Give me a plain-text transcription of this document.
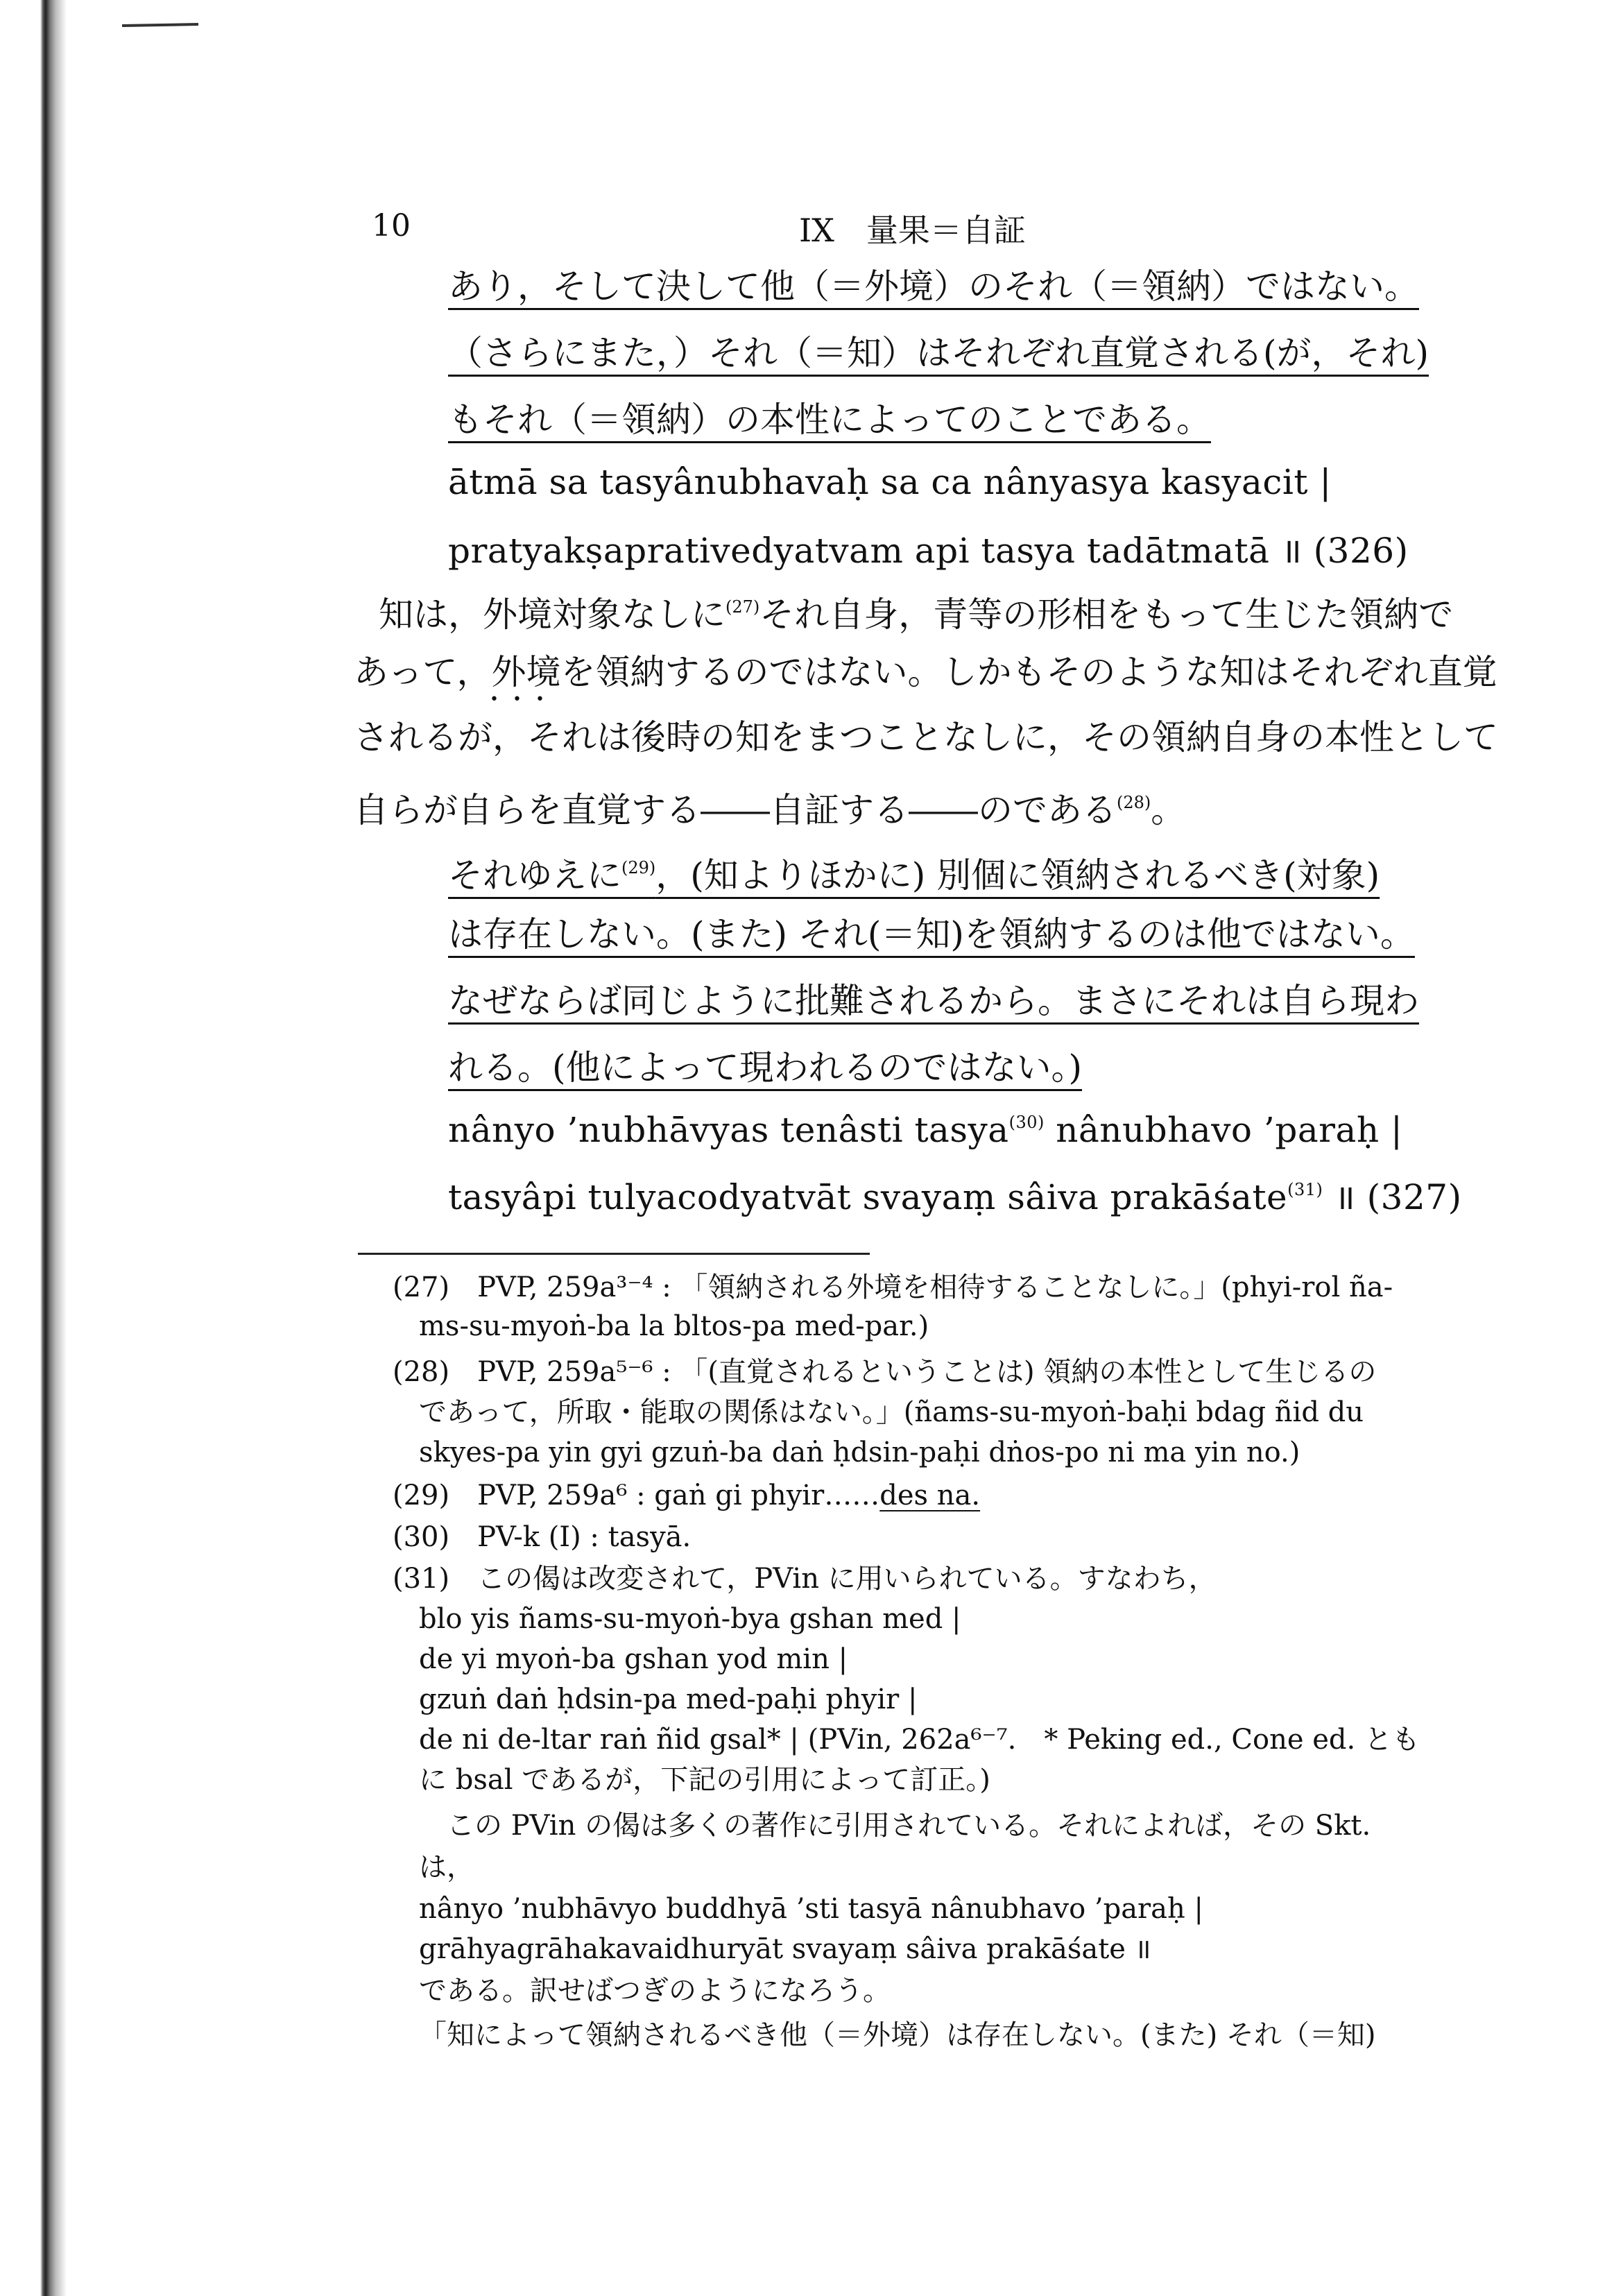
10	IX　量果＝自証
あり，そして決して他（＝外境）のそれ（＝領納）ではない。
（さらにまた，）それ（＝知）はそれぞれ直覚される(が，それ)
もそれ（＝領納）の本性によってのことである。
ātmā sa tasyânubhavaḥ sa ca nânyasya kasyacit |
pratyakṣaprativedyatvam api tasya tadātmatā ॥ (326)
知は，外境対象なしに$^{(27)}$それ自身，青等の形相をもって生じた領納で
あって，外境を領納するのではない。しかもそのような知はそれぞれ直覚
•••
されるが，それは後時の知をまつことなしに，その領納自身の本性として
自らが自らを直覚する――自証する――のである$^{(28)}$。
それゆえに$^{(29)}$，(知よりほかに) 別個に領納されるべき(対象)
は存在しない。(また) それ(＝知)を領納するのは他ではない。
なぜならば同じように批難されるから。まさにそれは自ら現わ
れる。(他によって現われるのではない。)
nânyo ’nubhāvyas tenâsti tasya$^{(30)}$ nânubhavo ’paraḥ |
tasyâpi tulyacodyatvāt svayaṃ sâiva prakāśate$^{(31)}$ ॥ (327)
(27)　PVP, 259a³⁻⁴ : 「領納される外境を相待することなしに。」(phyi-rol ña-
ms-su-myoṅ-ba la bltos-pa med-par.)
(28)　PVP, 259a⁵⁻⁶ : 「(直覚されるということは) 領納の本性として生じるの
であって，所取・能取の関係はない。」(ñams-su-myoṅ-baḥi bdag ñid du
skyes-pa yin gyi gzuṅ-ba daṅ ḥdsin-paḥi dṅos-po ni ma yin no.)
(29)　PVP, 259a⁶ : gaṅ gi phyir……des na.
(30)　PV-k (I) : tasyā.
(31)　この偈は改変されて，PVin に用いられている。すなわち，
blo yis ñams-su-myoṅ-bya gshan med |
de yi myoṅ-ba gshan yod min |
gzuṅ daṅ ḥdsin-pa med-paḥi phyir |
de ni de-ltar raṅ ñid gsal* | (PVin, 262a⁶⁻⁷.　* Peking ed., Cone ed. とも
に bsal であるが，下記の引用によって訂正。)
　この PVin の偈は多くの著作に引用されている。それによれば，その Skt.
は，
nânyo ’nubhāvyo buddhyā ’sti tasyā nânubhavo ’paraḥ |
grāhyagrāhakavaidhuryāt svayaṃ sâiva prakāśate ॥
である。訳せばつぎのようになろう。
「知によって領納されるべき他（＝外境）は存在しない。(また) それ（＝知)
